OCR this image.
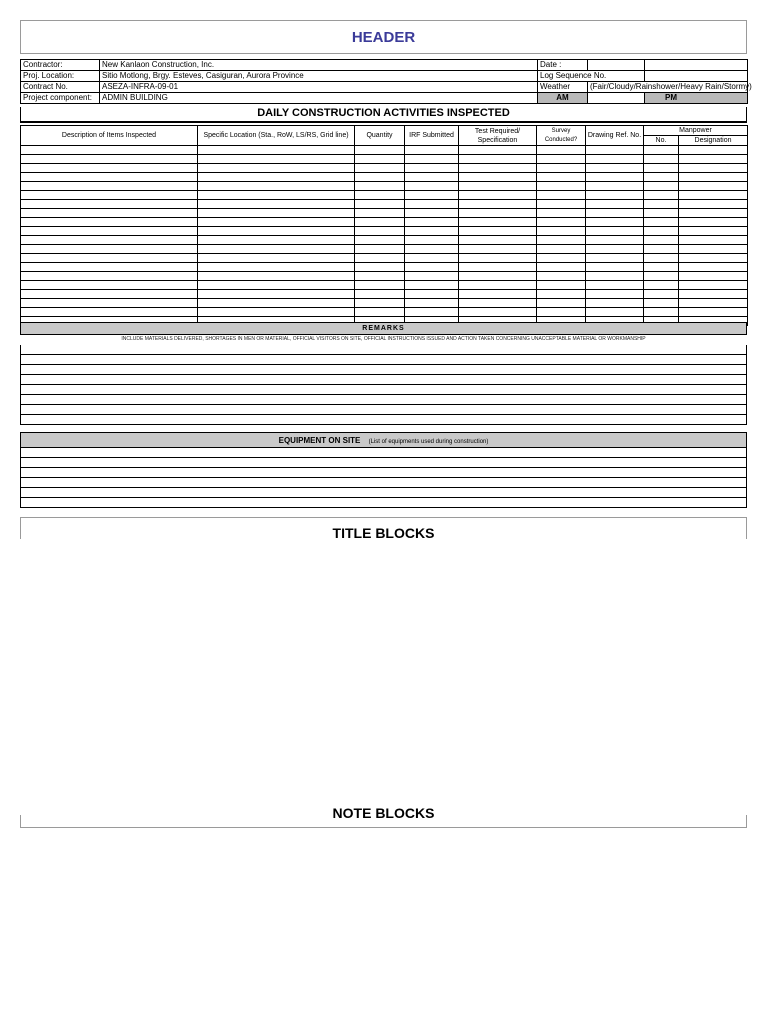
HEADER
Contractor:	New Kanlaon Construction, Inc.	Date :		
Proj. Location:	Sitio Motlong, Brgy. Esteves, Casiguran, Aurora Province	Log Sequence No.		
Contract No.	ASEZA-INFRA-09-01	Weather	(Fair/Cloudy/Rainshower/Heavy Rain/Stormy)	
Project component:	ADMIN BUILDING	AM		PM
DAILY CONSTRUCTION ACTIVITIES INSPECTED
Description of Items Inspected	Specific Location (Sta., RoW, LS/RS, Grid line)	Quantity	IRF Submitted	Test Required/ Specification	Survey Conducted?	Drawing Ref. No.	Manpower	
							No.	Designation

REMARKS
INCLUDE MATERIALS DELIVERED, SHORTAGES IN MEN OR MATERIAL, OFFICIAL VISITORS ON SITE, OFFICIAL INSTRUCTIONS ISSUED AND ACTION TAKEN CONCERNING UNACCEPTABLE MATERIAL OR WORKMANSHIP
EQUIPMENT ON SITE (List of equipments used during construction)
TITLE BLOCKS
NOTE BLOCKS
